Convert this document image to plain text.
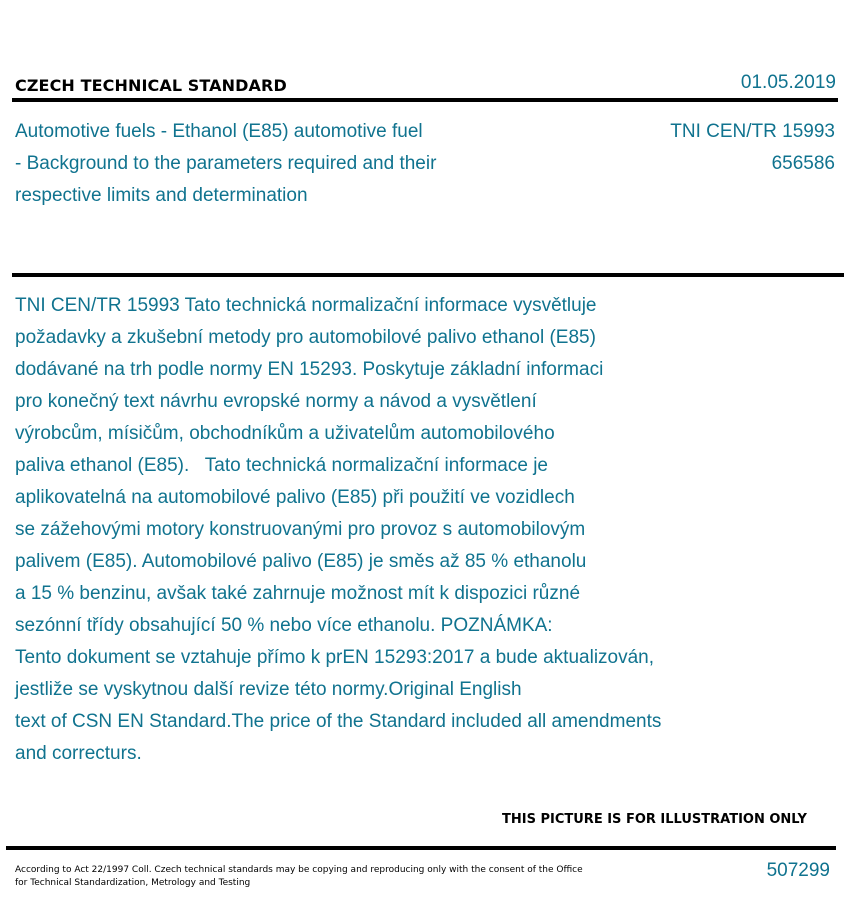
CZECH TECHNICAL STANDARD	01.05.2019
Automotive fuels - Ethanol (E85) automotive fuel
- Background to the parameters required and their
respective limits and determination
TNI CEN/TR 15993
656586
TNI CEN/TR 15993 Tato technická normalizační informace vysvětluje
požadavky a zkušební metody pro automobilové palivo ethanol (E85)
dodávané na trh podle normy EN 15293. Poskytuje základní informaci
pro konečný text návrhu evropské normy a návod a vysvětlení
výrobcům, mísičům, obchodníkům a uživatelům automobilového
paliva ethanol (E85).   Tato technická normalizační informace je
aplikovatelná na automobilové palivo (E85) při použití ve vozidlech
se zážehovými motory konstruovanými pro provoz s automobilovým
palivem (E85). Automobilové palivo (E85) je směs až 85 % ethanolu
a 15 % benzinu, avšak také zahrnuje možnost mít k dispozici různé
sezónní třídy obsahující 50 % nebo více ethanolu. POZNÁMKA:
Tento dokument se vztahuje přímo k prEN 15293:2017 a bude aktualizován,
jestliže se vyskytnou další revize této normy.Original English
text of CSN EN Standard.The price of the Standard included all amendments
and correcturs.
THIS PICTURE IS FOR ILLUSTRATION ONLY
According to Act 22/1997 Coll. Czech technical standards may be copying and reproducing only with the consent of the Office
for Technical Standardization, Metrology and Testing
507299
